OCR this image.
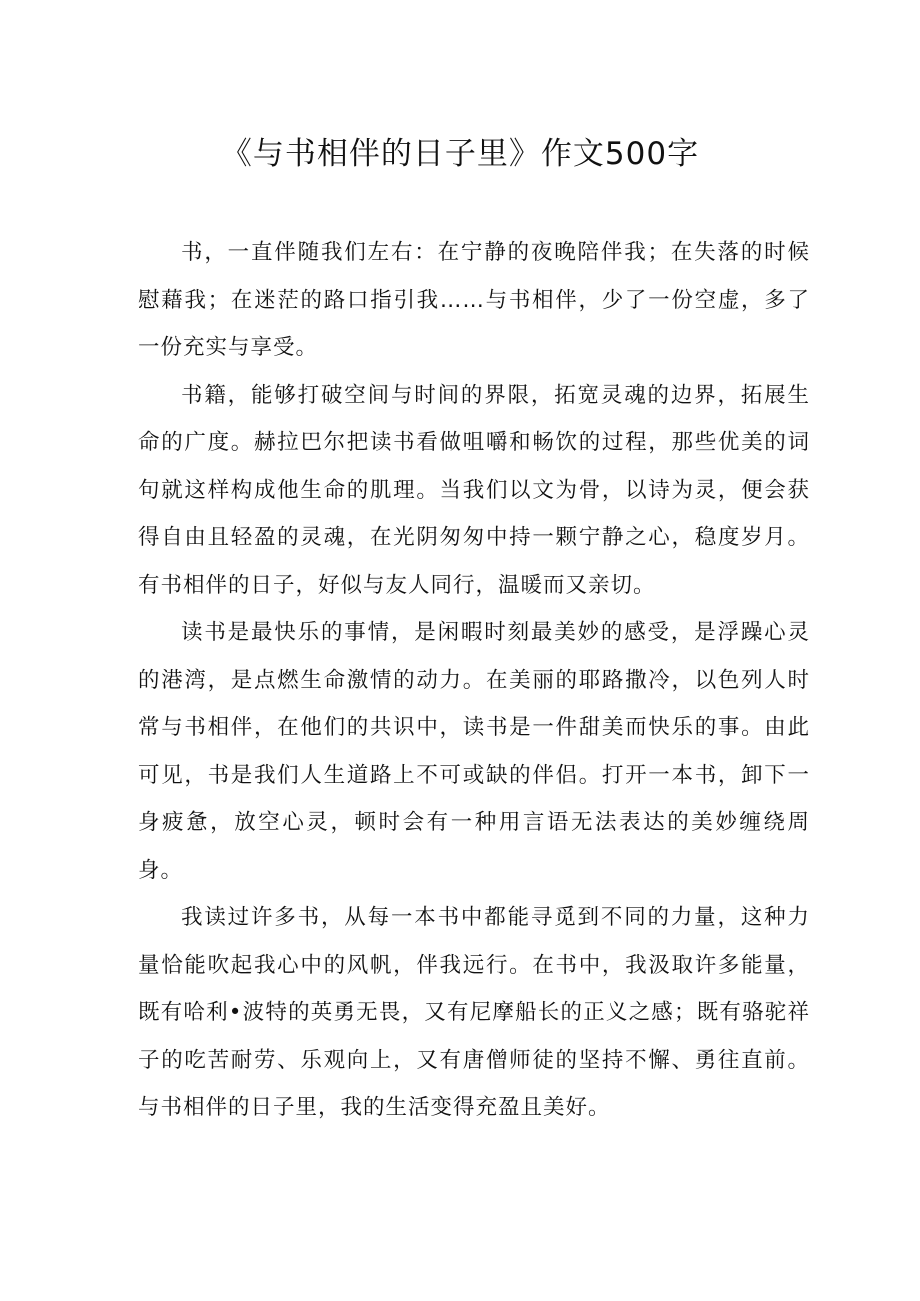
《与书相伴的日子里》作文500字

书，一直伴随我们左右：在宁静的夜晚陪伴我；在失落的时候慰藉我；在迷茫的路口指引我……与书相伴，少了一份空虚，多了一份充实与享受。

书籍，能够打破空间与时间的界限，拓宽灵魂的边界，拓展生命的广度。赫拉巴尔把读书看做咀嚼和畅饮的过程，那些优美的词句就这样构成他生命的肌理。当我们以文为骨，以诗为灵，便会获得自由且轻盈的灵魂，在光阴匆匆中持一颗宁静之心，稳度岁月。有书相伴的日子，好似与友人同行，温暖而又亲切。

读书是最快乐的事情，是闲暇时刻最美妙的感受，是浮躁心灵的港湾，是点燃生命激情的动力。在美丽的耶路撒冷，以色列人时常与书相伴，在他们的共识中，读书是一件甜美而快乐的事。由此可见，书是我们人生道路上不可或缺的伴侣。打开一本书，卸下一身疲惫，放空心灵，顿时会有一种用言语无法表达的美妙缠绕周身。

我读过许多书，从每一本书中都能寻觅到不同的力量，这种力量恰能吹起我心中的风帆，伴我远行。在书中，我汲取许多能量，既有哈利•波特的英勇无畏，又有尼摩船长的正义之感；既有骆驼祥子的吃苦耐劳、乐观向上，又有唐僧师徒的坚持不懈、勇往直前。与书相伴的日子里，我的生活变得充盈且美好。
